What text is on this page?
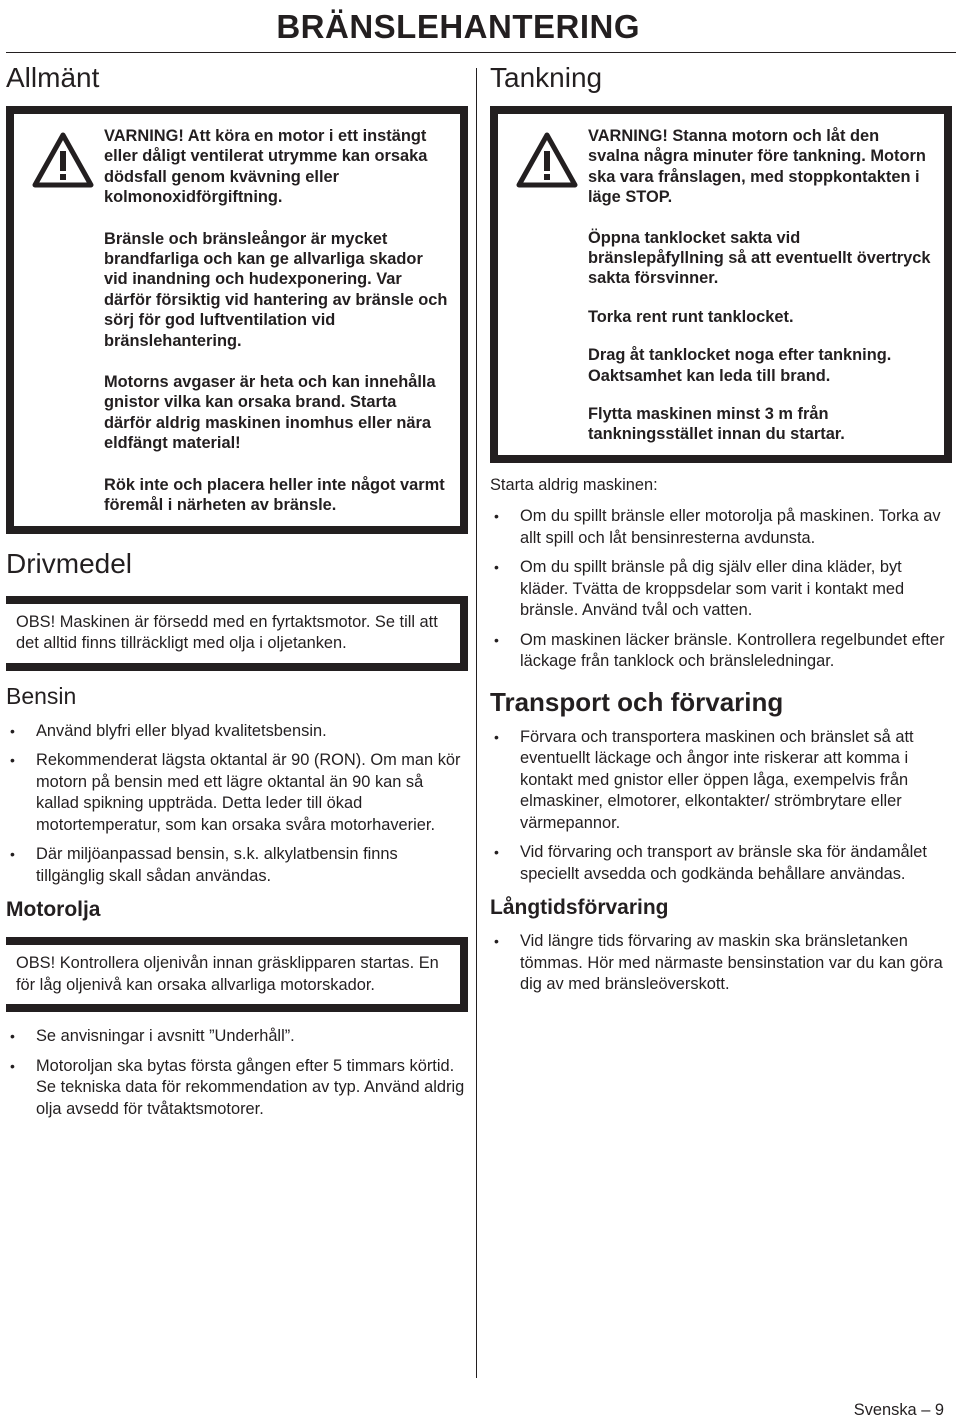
BRÄNSLEHANTERING
Allmänt

VARNING! Att köra en motor i ett instängt eller dåligt ventilerat utrymme kan orsaka dödsfall genom kvävning eller kolmonoxidförgiftning.

Bränsle och bränsleångor är mycket brandfarliga och kan ge allvarliga skador vid inandning och hudexponering. Var därför försiktig vid hantering av bränsle och sörj för god luftventilation vid bränslehantering.

Motorns avgaser är heta och kan innehålla gnistor vilka kan orsaka brand. Starta därför aldrig maskinen inomhus eller nära eldfängt material!

Rök inte och placera heller inte något varmt föremål i närheten av bränsle.

Drivmedel
OBS! Maskinen är försedd med en fyrtaktsmotor. Se till att det alltid finns tillräckligt med olja i oljetanken.
Bensin
• Använd blyfri eller blyad kvalitetsbensin.
• Rekommenderat lägsta oktantal är 90 (RON). Om man kör motorn på bensin med ett lägre oktantal än 90 kan så kallad spikning uppträda. Detta leder till ökad motortemperatur, som kan orsaka svåra motorhaverier.
• Där miljöanpassad bensin, s.k. alkylatbensin finns tillgänglig skall sådan användas.
Motorolja
OBS! Kontrollera oljenivån innan gräsklipparen startas. En för låg oljenivå kan orsaka allvarliga motorskador.
• Se anvisningar i avsnitt ”Underhåll”.
• Motoroljan ska bytas första gången efter 5 timmars körtid. Se tekniska data för rekommendation av typ. Använd aldrig olja avsedd för tvåtaktsmotorer.
Tankning

VARNING! Stanna motorn och låt den svalna några minuter före tankning. Motorn ska vara frånslagen, med stoppkontakten i läge STOP.

Öppna tanklocket sakta vid bränslepåfyllning så att eventuellt övertryck sakta försvinner.

Torka rent runt tanklocket.

Drag åt tanklocket noga efter tankning. Oaktsamhet kan leda till brand.

Flytta maskinen minst 3 m från tankningsstället innan du startar.

Starta aldrig maskinen:

• Om du spillt bränsle eller motorolja på maskinen. Torka av allt spill och låt bensinresterna avdunsta.
• Om du spillt bränsle på dig själv eller dina kläder, byt kläder. Tvätta de kroppsdelar som varit i kontakt med bränsle. Använd tvål och vatten.
• Om maskinen läcker bränsle. Kontrollera regelbundet efter läckage från tanklock och bränsleledningar.
Transport och förvaring
• Förvara och transportera maskinen och bränslet så att eventuellt läckage och ångor inte riskerar att komma i kontakt med gnistor eller öppen låga, exempelvis från elmaskiner, elmotorer, elkontakter/ strömbrytare eller värmepannor.
• Vid förvaring och transport av bränsle ska för ändamålet speciellt avsedda och godkända behållare användas.
Långtidsförvaring
• Vid längre tids förvaring av maskin ska bränsletanken tömmas. Hör med närmaste bensinstation var du kan göra dig av med bränsleöverskott.
Svenska – 9
